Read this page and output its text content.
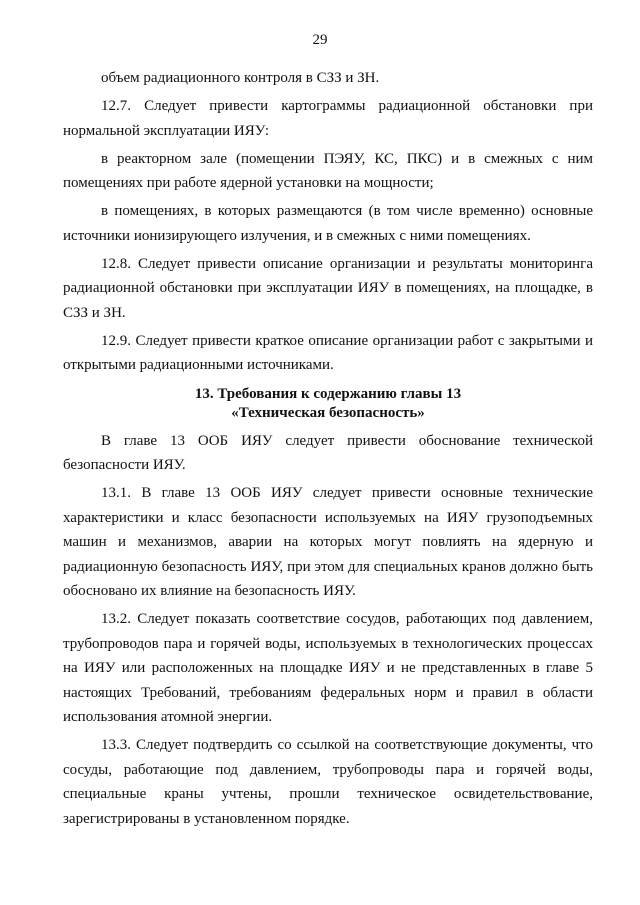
29

объем радиационного контроля в СЗЗ и ЗН.

12.7. Следует привести картограммы радиационной обстановки при нормальной эксплуатации ИЯУ:

в реакторном зале (помещении ПЭЯУ, КС, ПКС) и в смежных с ним помещениях при работе ядерной установки на мощности;

в помещениях, в которых размещаются (в том числе временно) основные источники ионизирующего излучения, и в смежных с ними помещениях.

12.8. Следует привести описание организации и результаты мониторинга радиационной обстановки при эксплуатации ИЯУ в помещениях, на площадке, в СЗЗ и ЗН.

12.9. Следует привести краткое описание организации работ с закрытыми и открытыми радиационными источниками.

13. Требования к содержанию главы 13
«Техническая безопасность»

В главе 13 ООБ ИЯУ следует привести обоснование технической безопасности ИЯУ.

13.1. В главе 13 ООБ ИЯУ следует привести основные технические характеристики и класс безопасности используемых на ИЯУ грузоподъемных машин и механизмов, аварии на которых могут повлиять на ядерную и радиационную безопасность ИЯУ, при этом для специальных кранов должно быть обосновано их влияние на безопасность ИЯУ.

13.2. Следует показать соответствие сосудов, работающих под давлением, трубопроводов пара и горячей воды, используемых в технологических процессах на ИЯУ или расположенных на площадке ИЯУ и не представленных в главе 5 настоящих Требований, требованиям федеральных норм и правил в области использования атомной энергии.

13.3. Следует подтвердить со ссылкой на соответствующие документы, что сосуды, работающие под давлением, трубопроводы пара и горячей воды, специальные краны учтены, прошли техническое освидетельствование, зарегистрированы в установленном порядке.
